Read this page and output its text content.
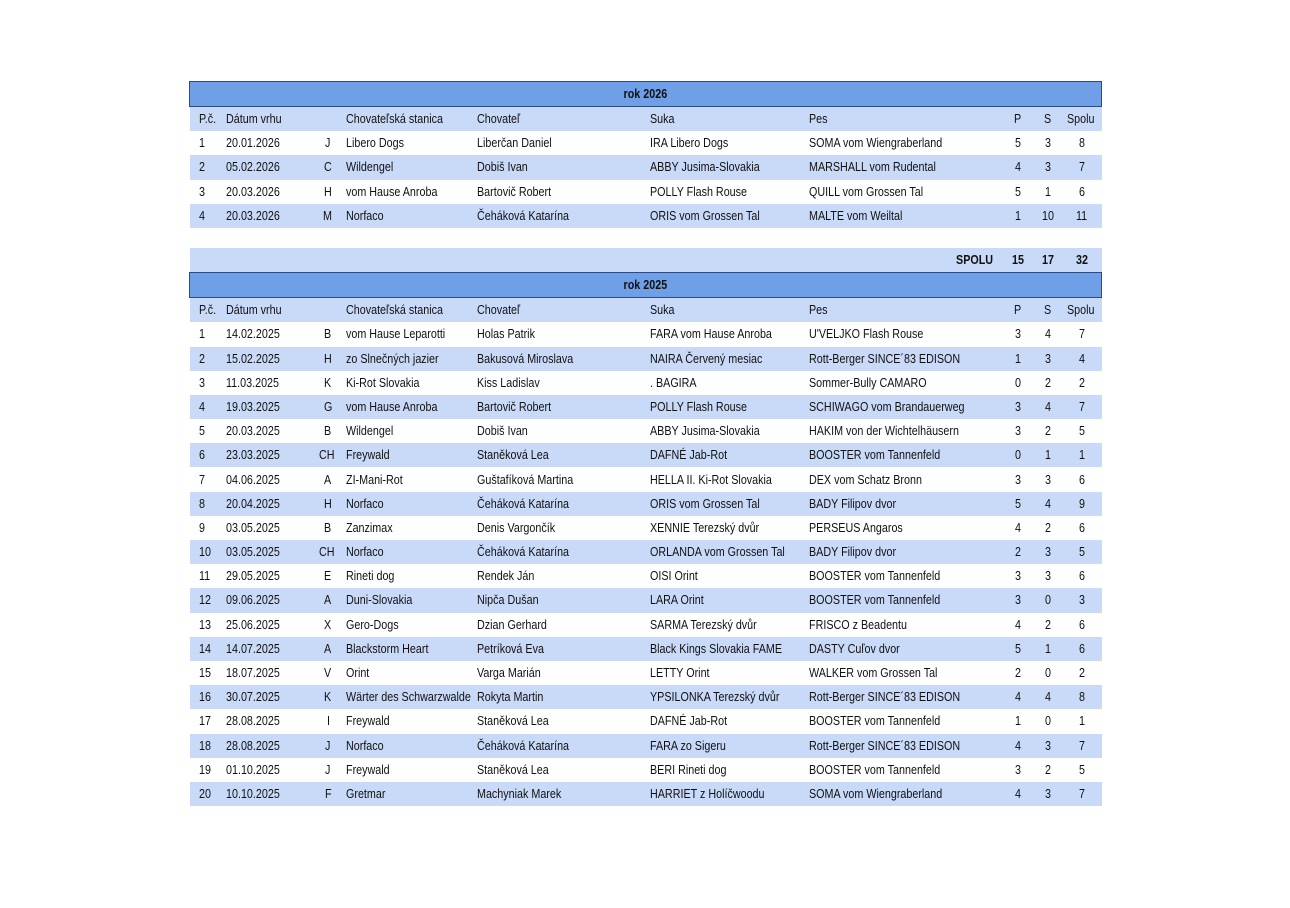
rok 2026									
P.č.	Dátum vrhu		Chovateľská stanica	Chovateľ	Suka	Pes	P	S	Spolu
1	20.01.2026	J	Libero Dogs	Liberčan Daniel	IRA Libero Dogs	SOMA vom Wiengraberland	5	3	8
2	05.02.2026	C	Wildengel	Dobiš Ivan	ABBY Jusima-Slovakia	MARSHALL vom Rudental	4	3	7
3	20.03.2026	H	vom Hause Anroba	Bartovič Robert	POLLY Flash Rouse	QUILL vom Grossen Tal	5	1	6
4	20.03.2026	M	Norfaco	Čeháková Katarína	ORIS vom Grossen Tal	MALTE vom Weiltal	1	10	11

SPOLU							15	17	32
rok 2025									
P.č.	Dátum vrhu		Chovateľská stanica	Chovateľ	Suka	Pes	P	S	Spolu
1	14.02.2025	B	vom Hause Leparotti	Holas Patrik	FARA vom Hause Anroba	U'VELJKO Flash Rouse	3	4	7
2	15.02.2025	H	zo Slnečných jazier	Bakusová Miroslava	NAIRA Červený mesiac	Rott-Berger SINCE´83 EDISON	1	3	4
3	11.03.2025	K	Ki-Rot Slovakia	Kiss Ladislav	. BAGIRA	Sommer-Bully CAMARO	0	2	2
4	19.03.2025	G	vom Hause Anroba	Bartovič Robert	POLLY Flash Rouse	SCHIWAGO vom Brandauerweg	3	4	7
5	20.03.2025	B	Wildengel	Dobiš Ivan	ABBY Jusima-Slovakia	HAKIM von der Wichtelhäusern	3	2	5
6	23.03.2025	CH	Freywald	Staněková Lea	DAFNÉ Jab-Rot	BOOSTER vom Tannenfeld	0	1	1
7	04.06.2025	A	ZI-Mani-Rot	Guštafíková Martina	HELLA II. Ki-Rot Slovakia	DEX vom Schatz Bronn	3	3	6
8	20.04.2025	H	Norfaco	Čeháková Katarína	ORIS vom Grossen Tal	BADY Filipov dvor	5	4	9
9	03.05.2025	B	Zanzimax	Denis Vargončík	XENNIE Terezský dvůr	PERSEUS Angaros	4	2	6
10	03.05.2025	CH	Norfaco	Čeháková Katarína	ORLANDA vom Grossen Tal	BADY Filipov dvor	2	3	5
11	29.05.2025	E	Rineti dog	Rendek Ján	OISI Orint	BOOSTER vom Tannenfeld	3	3	6
12	09.06.2025	A	Duni-Slovakia	Nipča Dušan	LARA Orint	BOOSTER vom Tannenfeld	3	0	3
13	25.06.2025	X	Gero-Dogs	Dzian Gerhard	SARMA Terezský dvůr	FRISCO z Beadentu	4	2	6
14	14.07.2025	A	Blackstorm Heart	Petríková Eva	Black Kings Slovakia FAME	DASTY Cuľov dvor	5	1	6
15	18.07.2025	V	Orint	Varga Marián	LETTY Orint	WALKER vom Grossen Tal	2	0	2
16	30.07.2025	K	Wärter des Schwarzwalde	Rokyta Martin	YPSILONKA Terezský dvůr	Rott-Berger SINCE´83 EDISON	4	4	8
17	28.08.2025	I	Freywald	Staněková Lea	DAFNÉ Jab-Rot	BOOSTER vom Tannenfeld	1	0	1
18	28.08.2025	J	Norfaco	Čeháková Katarína	FARA zo Sigeru	Rott-Berger SINCE´83 EDISON	4	3	7
19	01.10.2025	J	Freywald	Staněková Lea	BERI Rineti dog	BOOSTER vom Tannenfeld	3	2	5
20	10.10.2025	F	Gretmar	Machyniak Marek	HARRIET z Holíčwoodu	SOMA vom Wiengraberland	4	3	7
